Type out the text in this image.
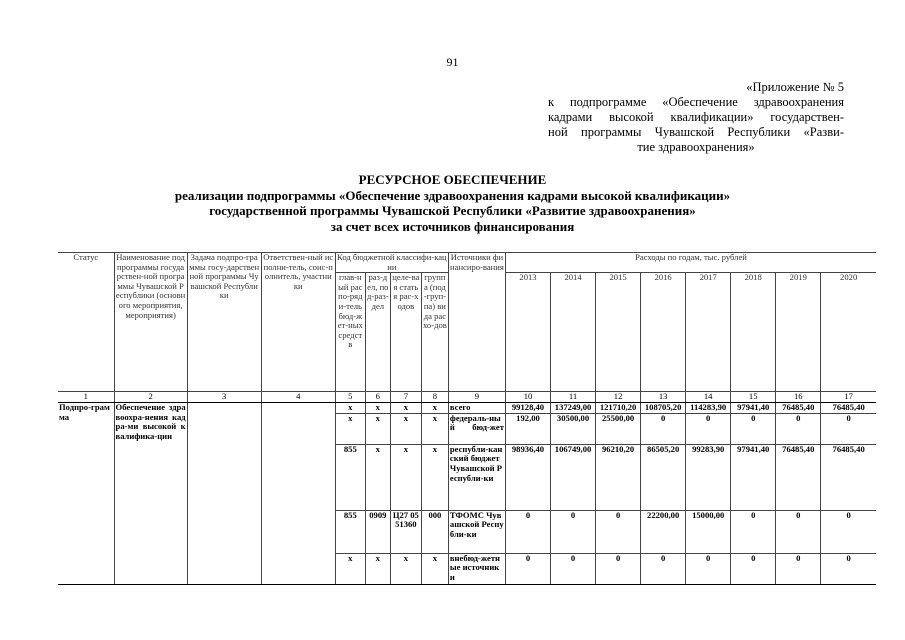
91
«Приложение № 5
к подпрограмме «Обеспечение здравоохранения
кадрами высокой квалификации» государствен-
ной программы Чувашской Республики «Разви-
тие здравоохранения»
РЕСУРСНОЕ ОБЕСПЕЧЕНИЕ
реализации подпрограммы «Обеспечение здравоохранения кадрами высокой квалификации»
государственной программы Чувашской Республики «Развитие здравоохранения»
за счет всех источников финансирования
Статус	Наименование подпрограммы государствен-ной программы Чувашской Республики (основного мероприятия, мероприятия)	Задача подпро-граммы госу-дарственной программы Чувашской Республики	Ответствен-ный исполни-тель, соис-полнитель, участники	Код бюджетной классифи-кации				Источники финансиро-вания	Расходы по годам, тыс. рублей							
				глав-ный распо-ряди-тель бюд-жет-ных средств	раз-дел, под-раз-дел	целе-вая статья рас-ходов	группа (под-груп-па) вида расхо-дов		2013	2014	2015	2016	2017	2018	2019	2020
1	2	3	4	5	6	7	8	9	10	11	12	13	14	15	16	17
Подпро-грамма	Обеспечение здравоохра-нения кадра-ми высокой квалифика-ции			x	x	x	x	всего	99128,40	137249,00	121710,20	108705,20	114283,90	97941,40	76485,40	76485,40
				x	x	x	x	федераль-ный бюд-жет	192,00	30500,00	25500,00	0	0	0	0	0
				855	x	x	x	республи-канский бюджет Чувашской Республи-ки	98936,40	106749,00	96210,20	86505,20	99283,90	97941,40	76485,40	76485,40
				855	0909	Ц27 05 51360	000	ТФОМС Чувашской Республи-ки	0	0	0	22200,00	15000,00	0	0	0
				x	x	x	x	внебюд-жетные источники	0	0	0	0	0	0	0	0
